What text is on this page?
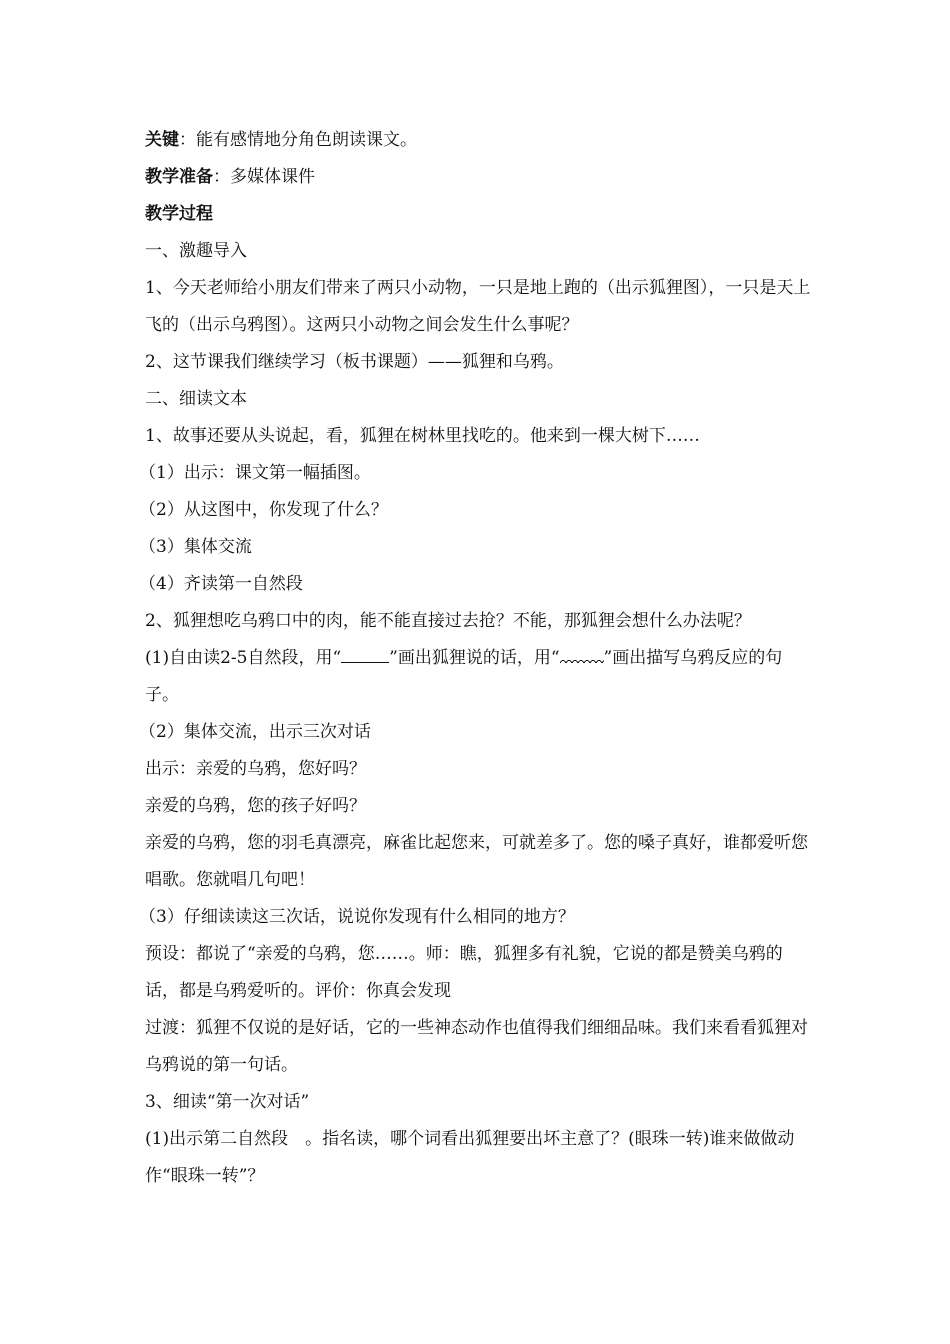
关键：能有感情地分角色朗读课文。
教学准备：多媒体课件
教学过程
一、激趣导入
1、今天老师给小朋友们带来了两只小动物，一只是地上跑的（出示狐狸图），一只是天上飞的（出示乌鸦图）。这两只小动物之间会发生什么事呢？
2、这节课我们继续学习（板书课题）——狐狸和乌鸦。
二、细读文本
1、故事还要从头说起，看，狐狸在树林里找吃的。他来到一棵大树下……
（1）出示：课文第一幅插图。
（2）从这图中，你发现了什么？
（3）集体交流
（4）齐读第一自然段
2、狐狸想吃乌鸦口中的肉，能不能直接过去抢？不能，那狐狸会想什么办法呢？
(1)自由读2-5自然段，用“	”画出狐狸说的话，用“	”画出描写乌鸦反应的句子。
（2）集体交流，出示三次对话
出示：亲爱的乌鸦，您好吗？
亲爱的乌鸦，您的孩子好吗？
亲爱的乌鸦，您的羽毛真漂亮，麻雀比起您来，可就差多了。您的嗓子真好，谁都爱听您唱歌。您就唱几句吧！
（3）仔细读读这三次话，说说你发现有什么相同的地方？
预设：都说了“亲爱的乌鸦，您……。师：瞧，狐狸多有礼貌，它说的都是赞美乌鸦的话，都是乌鸦爱听的。评价：你真会发现
过渡：狐狸不仅说的是好话，它的一些神态动作也值得我们细细品味。我们来看看狐狸对乌鸦说的第一句话。
3、细读“第一次对话”
(1)出示第二自然段　。指名读，哪个词看出狐狸要出坏主意了？(眼珠一转)谁来做做动作“眼珠一转”？
